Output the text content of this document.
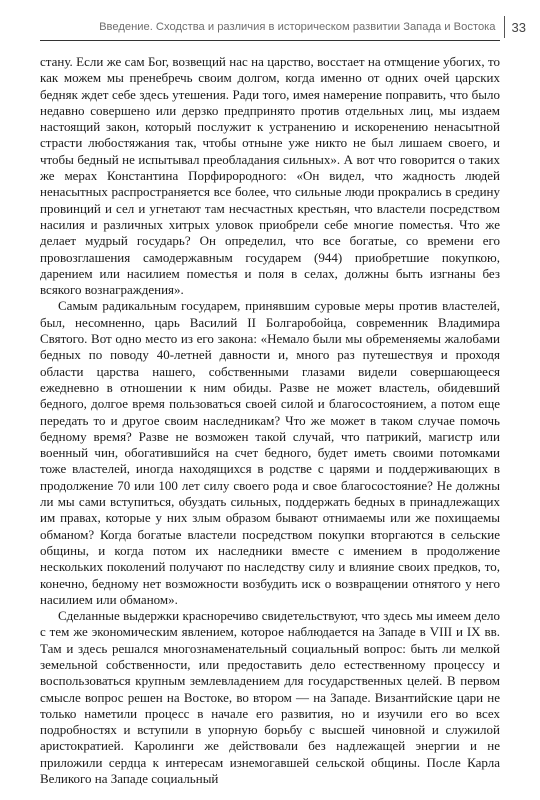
Введение. Сходства и различия в историческом развитии Запада и Востока 33

стану. Если же сам Бог, возвещий нас на царство, восстает на отмщение убогих, то как можем мы пренебречь своим долгом, когда именно от одних очей царских бедняк ждет себе здесь утешения. Ради того, имея намерение поправить, что было недавно совершено или дерзко предпринято против отдельных лиц, мы издаем настоящий закон, который послужит к устранению и искоренению ненасытной страсти любостяжания так, чтобы отныне уже никто не был лишаем своего, и чтобы бедный не испытывал преобладания сильных». А вот что говорится о таких же мерах Константина Порфирородного: «Он видел, что жадность людей ненасытных распространяется все более, что сильные люди прокрались в средину провинций и сел и угнетают там несчастных крестьян, что властели посредством насилия и различных хитрых уловок приобрели себе многие поместья. Что же делает мудрый государь? Он определил, что все богатые, со времени его провозглашения самодержавным государем (944) приобретшие покупкою, дарением или насилием поместья и поля в селах, должны быть изгнаны без всякого вознаграждения».

Самым радикальным государем, принявшим суровые меры против властелей, был, несомненно, царь Василий II Болгаробойца, современник Владимира Святого. Вот одно место из его закона: «Немало были мы обременяемы жалобами бедных по поводу 40-летней давности и, много раз путешествуя и проходя области царства нашего, собственными глазами видели совершающееся ежедневно в отношении к ним обиды. Разве не может властель, обидевший бедного, долгое время пользоваться своей силой и благосостоянием, а потом еще передать то и другое своим наследникам? Что же может в таком случае помочь бедному время? Разве не возможен такой случай, что патрикий, магистр или военный чин, обогатившийся на счет бедного, будет иметь своими потомками тоже властелей, иногда находящихся в родстве с царями и поддерживающих в продолжение 70 или 100 лет силу своего рода и свое благосостояние? Не должны ли мы сами вступиться, обуздать сильных, поддержать бедных в принадлежащих им правах, которые у них злым образом бывают отнимаемы или же похищаемы обманом? Когда богатые властели посредством покупки вторгаются в сельские общины, и когда потом их наследники вместе с имением в продолжение нескольких поколений получают по наследству силу и влияние своих предков, то, конечно, бедному нет возможности возбудить иск о возвращении отнятого у него насилием или обманом».

Сделанные выдержки красноречиво свидетельствуют, что здесь мы имеем дело с тем же экономическим явлением, которое наблюдается на Западе в VIII и IX вв. Там и здесь решался многознаменательный социальный вопрос: быть ли мелкой земельной собственности, или предоставить дело естественному процессу и воспользоваться крупным землевладением для государственных целей. В первом смысле вопрос решен на Востоке, во втором — на Западе. Византийские цари не только наметили процесс в начале его развития, но и изучили его во всех подробностях и вступили в упорную борьбу с высшей чиновной и служилой аристократией. Каролинги же действовали без надлежащей энергии и не приложили сердца к интересам изнемогавшей сельской общины. После Карла Великого на Западе социальный
